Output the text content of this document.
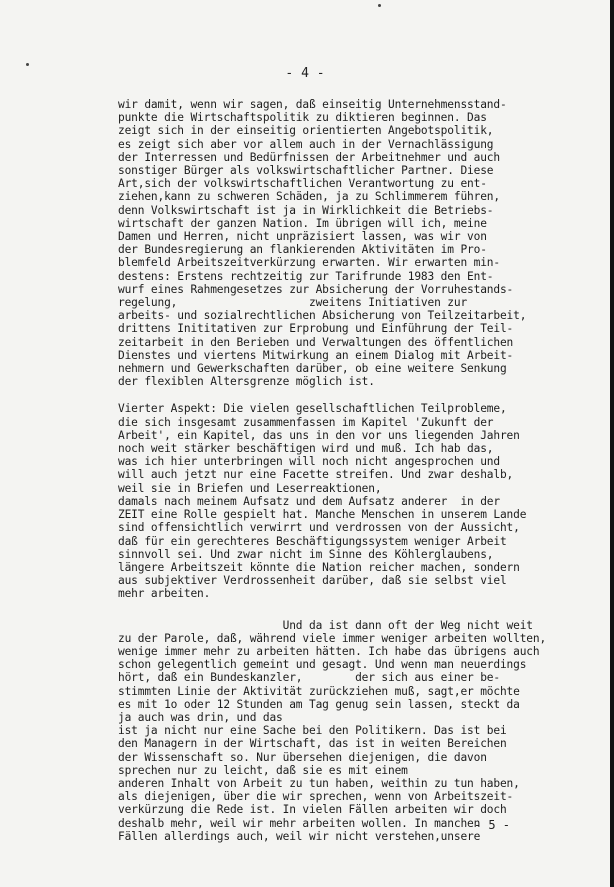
- 4 -

wir damit, wenn wir sagen, daß einseitig Unternehmensstand-
punkte die Wirtschaftspolitik zu diktieren beginnen. Das
zeigt sich in der einseitig orientierten Angebotspolitik,
es zeigt sich aber vor allem auch in der Vernachlässigung
der Interressen und Bedürfnissen der Arbeitnehmer und auch
sonstiger Bürger als volkswirtschaftlicher Partner. Diese
Art,sich der volkswirtschaftlichen Verantwortung zu ent-
ziehen,kann zu schweren Schäden, ja zu Schlimmerem führen,
denn Volkswirtschaft ist ja in Wirklichkeit die Betriebs-
wirtschaft der ganzen Nation. Im übrigen will ich, meine
Damen und Herren, nicht unpräzisiert lassen, was wir von
der Bundesregierung an flankierenden Aktivitäten im Pro-
blemfeld Arbeitszeitverkürzung erwarten. Wir erwarten min-
destens: Erstens rechtzeitig zur Tarifrunde 1983 den Ent-
wurf eines Rahmengesetzes zur Absicherung der Vorruhestands-
regelung,                    zweitens Initiativen zur
arbeits- und sozialrechtlichen Absicherung von Teilzeitarbeit,
drittens Inititativen zur Erprobung und Einführung der Teil-
zeitarbeit in den Berieben und Verwaltungen des öffentlichen
Dienstes und viertens Mitwirkung an einem Dialog mit Arbeit-
nehmern und Gewerkschaften darüber, ob eine weitere Senkung
der flexiblen Altersgrenze möglich ist.

Vierter Aspekt: Die vielen gesellschaftlichen Teilprobleme,
die sich insgesamt zusammenfassen im Kapitel 'Zukunft der
Arbeit', ein Kapitel, das uns in den vor uns liegenden Jahren
noch weit stärker beschäftigen wird und muß. Ich hab das,
was ich hier unterbringen will noch nicht angesprochen und
will auch jetzt nur eine Facette streifen. Und zwar deshalb,
weil sie in Briefen und Leserreaktionen,
damals nach meinem Aufsatz und dem Aufsatz anderer  in der
ZEIT eine Rolle gespielt hat. Manche Menschen in unserem Lande
sind offensichtlich verwirrt und verdrossen von der Aussicht,
daß für ein gerechteres Beschäftigungssystem weniger Arbeit
sinnvoll sei. Und zwar nicht im Sinne des Köhlerglaubens,
längere Arbeitszeit könnte die Nation reicher machen, sondern
aus subjektiver Verdrossenheit darüber, daß sie selbst viel
mehr arbeiten.

Und da ist dann oft der Weg nicht weit
zu der Parole, daß, während viele immer weniger arbeiten wollten,
wenige immer mehr zu arbeiten hätten. Ich habe das übrigens auch
schon gelegentlich gemeint und gesagt. Und wenn man neuerdings
hört, daß ein Bundeskanzler,        der sich aus einer be-
stimmten Linie der Aktivität zurückziehen muß, sagt,er möchte
es mit 1o oder 12 Stunden am Tag genug sein lassen, steckt da
ja auch was drin, und das
ist ja nicht nur eine Sache bei den Politikern. Das ist bei
den Managern in der Wirtschaft, das ist in weiten Bereichen
der Wissenschaft so. Nur übersehen diejenigen, die davon
sprechen nur zu leicht, daß sie es mit einem
anderen Inhalt von Arbeit zu tun haben, weithin zu tun haben,
als diejenigen, über die wir sprechen, wenn von Arbeitszeit-
verkürzung die Rede ist. In vielen Fällen arbeiten wir doch
deshalb mehr, weil wir mehr arbeiten wollen. In manchen
Fällen allerdings auch, weil wir nicht verstehen,unsere

- 5 -
